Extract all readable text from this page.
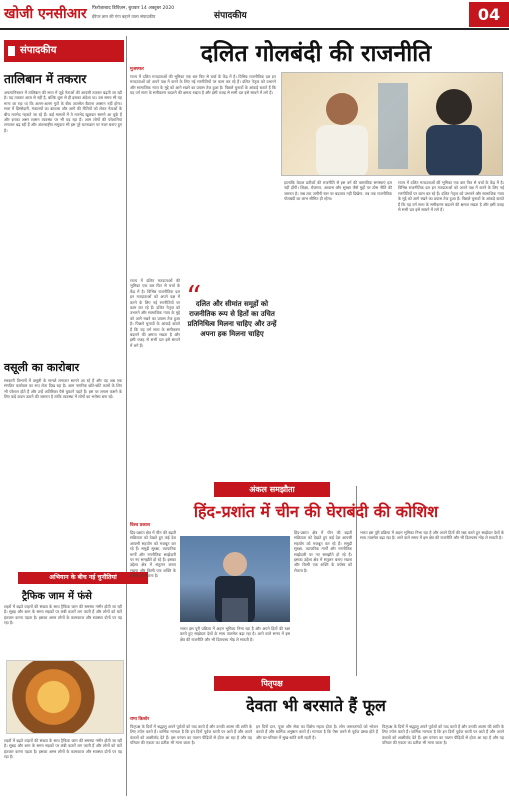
खोजी एनसीआर फ़िरोज़ाबाद डिविज़न, बुधवार 14 अक्टूबर 2020
ईपेपर ज्ञान की गंगा बहाने वाला संपादकीय	संपादकीय	04
संपादकीय
तालिबान में तकरार

अफगानिस्तान में तालिबान की सत्ता में जुड़े नेताओं की आपसी तकरार बढ़ती जा रही है। यह तकरार आज से नहीं है, बल्कि शुरू से ही इसका अंदेशा था। उस समय भी यह माना जा रहा था कि अलग-अलग गुटों के बीच तालमेल बैठाना आसान नहीं होगा। सत्ता में हिस्सेदारी, मंत्रालयों का बंटवारा और आगे की नीतियों को लेकर नेताओं के बीच मतभेद गहराते जा रहे हैं। कई मामलों में ये मतभेद खुलकर सामने आ चुके हैं और इनका असर शासन व्यवस्था पर भी पड़ रहा है। आम लोगों की परेशानियां लगातार बढ़ रही हैं और अंतरराष्ट्रीय समुदाय भी इस पूरे घटनाक्रम पर नजर बनाए हुए है।

“
दलित और सीमांत समूहों को राजनीतिक रूप से हितों का उचित प्रतिनिधित्व मिलना चाहिए और उन्हें अपना हक मिलना चाहिए
वसूली का कारोबार

सरकारी विभागों में वसूली के मामले लगातार सामने आ रहे हैं और यह अब एक संगठित कारोबार का रूप लेता दिख रहा है। आम नागरिक छोटे-छोटे कामों के लिए भी परेशान होते हैं और उन्हें अतिरिक्त पैसे चुकाने पड़ते हैं। इस पर लगाम कसने के लिए कड़े कदम उठाने की जरूरत है ताकि व्यवस्था में लोगों का भरोसा बना रहे।

अभियान के बीच नई चुनौतियां
ट्रैफिक जाम में फंसे

शहरों में बढ़ते वाहनों की संख्या के साथ ट्रैफिक जाम की समस्या गंभीर होती जा रही है। सुबह और शाम के समय सड़कों पर लंबी कतारें लग जाती हैं और लोगों को घंटों इंतजार करना पड़ता है। इसका असर लोगों के कामकाज और स्वास्थ्य दोनों पर पड़ रहा है।

शहरों में बढ़ते वाहनों की संख्या के साथ ट्रैफिक जाम की समस्या गंभीर होती जा रही है। सुबह और शाम के समय सड़कों पर लंबी कतारें लग जाती हैं और लोगों को घंटों इंतजार करना पड़ता है। इसका असर लोगों के कामकाज और स्वास्थ्य दोनों पर पड़ रहा है।

दलित गोलबंदी की राजनीति
मुजफ्फर

राज्य में दलित मतदाताओं की भूमिका एक बार फिर से चर्चा के केंद्र में है। विभिन्न राजनीतिक दल इन मतदाताओं को अपने पक्ष में करने के लिए नई रणनीतियों पर काम कर रहे हैं। दलित नेतृत्व को उभारने और सामाजिक न्याय के मुद्दे को आगे रखने का प्रयास तेज हुआ है। पिछले चुनावों के आंकड़े बताते हैं कि यह वर्ग सत्ता के समीकरण बदलने की क्षमता रखता है और इसी वजह से सभी दल इसे साधने में लगे हैं।

राज्य में दलित मतदाताओं की भूमिका एक बार फिर से चर्चा के केंद्र में है। विभिन्न राजनीतिक दल इन मतदाताओं को अपने पक्ष में करने के लिए नई रणनीतियों पर काम कर रहे हैं। दलित नेतृत्व को उभारने और सामाजिक न्याय के मुद्दे को आगे रखने का प्रयास तेज हुआ है। पिछले चुनावों के आंकड़े बताते हैं कि यह वर्ग सत्ता के समीकरण बदलने की क्षमता रखता है और इसी वजह से सभी दल इसे साधने में लगे हैं।

हालांकि केवल प्रतीकों की राजनीति से इस वर्ग की वास्तविक समस्याएं हल नहीं होंगी। शिक्षा, रोजगार, आवास और सुरक्षा जैसे मुद्दों पर ठोस नीति की जरूरत है। जब तक जमीनी स्तर पर बदलाव नहीं दिखेगा, तब तक राजनीतिक गोलबंदी का लाभ सीमित ही रहेगा।

राज्य में दलित मतदाताओं की भूमिका एक बार फिर से चर्चा के केंद्र में है। विभिन्न राजनीतिक दल इन मतदाताओं को अपने पक्ष में करने के लिए नई रणनीतियों पर काम कर रहे हैं। दलित नेतृत्व को उभारने और सामाजिक न्याय के मुद्दे को आगे रखने का प्रयास तेज हुआ है। पिछले चुनावों के आंकड़े बताते हैं कि यह वर्ग सत्ता के समीकरण बदलने की क्षमता रखता है और इसी वजह से सभी दल इसे साधने में लगे हैं।

अंकल समझौता
हिंद-प्रशांत में चीन की घेराबंदी की कोशिश
विश्व प्रकाश

हिंद-प्रशांत क्षेत्र में चीन की बढ़ती सक्रियता को देखते हुए कई देश आपसी सहयोग को मजबूत कर रहे हैं। समुद्री सुरक्षा, व्यापारिक मार्गों और रणनीतिक साझेदारी पर नए समझौते हो रहे हैं। इसका उद्देश्य क्षेत्र में संतुलन बनाए रखना और किसी एक शक्ति के वर्चस्व को रोकना है।

भारत इस पूरी प्रक्रिया में अहम भूमिका निभा रहा है और अपने हितों की रक्षा करते हुए साझेदार देशों के साथ तालमेल बढ़ा रहा है। आने वाले समय में इस क्षेत्र की राजनीति और भी दिलचस्प मोड़ ले सकती है।

हिंद-प्रशांत क्षेत्र में चीन की बढ़ती सक्रियता को देखते हुए कई देश आपसी सहयोग को मजबूत कर रहे हैं। समुद्री सुरक्षा, व्यापारिक मार्गों और रणनीतिक साझेदारी पर नए समझौते हो रहे हैं। इसका उद्देश्य क्षेत्र में संतुलन बनाए रखना और किसी एक शक्ति के वर्चस्व को रोकना है।

भारत इस पूरी प्रक्रिया में अहम भूमिका निभा रहा है और अपने हितों की रक्षा करते हुए साझेदार देशों के साथ तालमेल बढ़ा रहा है। आने वाले समय में इस क्षेत्र की राजनीति और भी दिलचस्प मोड़ ले सकती है।

पितृपक्ष
देवता भी बरसाते हैं फूल
रामा किशोर

पितृपक्ष के दिनों में श्रद्धालु अपने पूर्वजों को याद करते हैं और उनकी आत्मा की शांति के लिए तर्पण करते हैं। धार्मिक मान्यता है कि इन दिनों पूर्वज धरती पर आते हैं और अपने वंशजों को आशीर्वाद देते हैं। इस परंपरा का पालन पीढ़ियों से होता आ रहा है और यह परिवार की एकता का प्रतीक भी माना जाता है।

इन दिनों दान, पूजा और सेवा का विशेष महत्व होता है। लोग जरूरतमंदों को भोजन कराते हैं और धार्मिक अनुष्ठान करते हैं। मान्यता है कि ऐसा करने से पूर्वज प्रसन्न होते हैं और घर-परिवार में सुख-शांति बनी रहती है।

पितृपक्ष के दिनों में श्रद्धालु अपने पूर्वजों को याद करते हैं और उनकी आत्मा की शांति के लिए तर्पण करते हैं। धार्मिक मान्यता है कि इन दिनों पूर्वज धरती पर आते हैं और अपने वंशजों को आशीर्वाद देते हैं। इस परंपरा का पालन पीढ़ियों से होता आ रहा है और यह परिवार की एकता का प्रतीक भी माना जाता है।
